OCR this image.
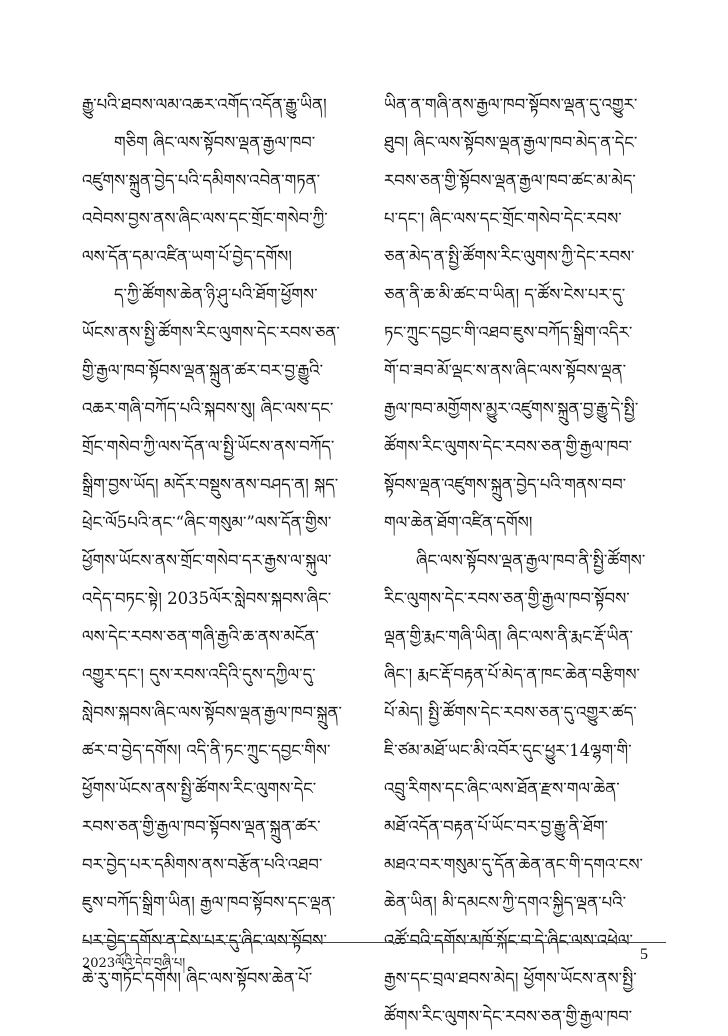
རྒྱུ་པའི་ཐབས་ལམ་འཆར་འགོད་འདོན་རྒྱུ་ཡིན།
གཅིག ཞིང་ལས་སྟོབས་ལྡན་རྒྱལ་ཁབ་
འཛུགས་སྐྲུན་བྱེད་པའི་དམིགས་འབེན་གཏན་
འབེབས་བྱས་ནས་ཞིང་ལས་དང་གྲོང་གསེབ་ཀྱི་
ལས་དོན་དམ་འཛིན་ཡག་པོ་བྱེད་དགོས།
ད་ཀྱི་ཚོགས་ཆེན་ཉི་ཤུ་པའི་ཐོག་ཕྱོགས་
ཡོངས་ནས་སྤྱི་ཚོགས་རིང་ལུགས་དེང་རབས་ཅན་
གྱི་རྒྱལ་ཁབ་སྟོབས་ལྡན་སྐྲུན་ཚར་བར་བྱ་རྒྱུའི་
འཆར་གཞི་བཀོད་པའི་སྐབས་སུ། ཞིང་ལས་དང་
གྲོང་གསེབ་ཀྱི་ལས་དོན་ལ་སྤྱི་ཡོངས་ནས་བཀོད་
སྒྲིག་བྱས་ཡོད། མདོར་བསྡུས་ནས་བཤད་ན། སྐད་
ཕྲེང་ལོ5པའི་ནང་“ཞིང་གསུམ་”ལས་དོན་གྱིས་
ཕྱོགས་ཡོངས་ནས་གྲོང་གསེབ་དར་རྒྱས་ལ་སྐུལ་
འདེད་བཏང་སྟེ། 2035ལོར་སླེབས་སྐབས་ཞིང་
ལས་དེང་རབས་ཅན་གཞི་རྒྱའི་ཆ་ནས་མངོན་
འགྱུར་དང་། དུས་རབས་འདིའི་དུས་དཀྱིལ་དུ་
སླེབས་སྐབས་ཞིང་ལས་སྟོབས་ལྡན་རྒྱལ་ཁབ་སྐྲུན་
ཚར་བ་བྱེད་དགོས། འདི་ནི་ཏང་ཀྲུང་དབྱང་གིས་
ཕྱོགས་ཡོངས་ནས་སྤྱི་ཚོགས་རིང་ལུགས་དེང་
རབས་ཅན་གྱི་རྒྱལ་ཁབ་སྟོབས་ལྡན་སྐྲུན་ཚར་
བར་བྱེད་པར་དམིགས་ནས་བརྩོན་པའི་འཐབ་
ཇུས་བཀོད་སྒྲིག་ཡིན། རྒྱལ་ཁབ་སྟོབས་དང་ལྡན་
པར་བྱེད་དགོས་ན་ངེས་པར་དུ་ཞིང་ལས་སྟོབས་
ཆེ་རུ་གཏོང་དགོས། ཞིང་ལས་སྟོབས་ཆེན་པོ་
ཡིན་ན་གཞི་ནས་རྒྱལ་ཁབ་སྟོབས་ལྡན་དུ་འགྱུར་
ཐུབ། ཞིང་ལས་སྟོབས་ལྡན་རྒྱལ་ཁབ་མེད་ན་དེང་
རབས་ཅན་གྱི་སྟོབས་ལྡན་རྒྱལ་ཁབ་ཚང་མ་མེད་
པ་དང་། ཞིང་ལས་དང་གྲོང་གསེབ་དེང་རབས་
ཅན་མེད་ན་སྤྱི་ཚོགས་རིང་ལུགས་ཀྱི་དེང་རབས་
ཅན་ནི་ཆ་མི་ཚང་བ་ཡིན། ད་ཚོས་ངེས་པར་དུ་
ཏང་ཀྲུང་དབྱང་གི་འཐབ་ཇུས་བཀོད་སྒྲིག་འདིར་
གོ་བ་ཟབ་མོ་ལྡང་ས་ནས་ཞིང་ལས་སྟོབས་ལྡན་
རྒྱལ་ཁབ་མགྱོགས་མྱུར་འཛུགས་སྐྲུན་བྱ་རྒྱུ་དེ་སྤྱི་
ཚོགས་རིང་ལུགས་དེང་རབས་ཅན་གྱི་རྒྱལ་ཁབ་
སྟོབས་ལྡན་འཛུགས་སྐྲུན་བྱེད་པའི་གནས་བབ་
གལ་ཆེན་ཐོག་འཛིན་དགོས།
ཞིང་ལས་སྟོབས་ལྡན་རྒྱལ་ཁབ་ནི་སྤྱི་ཚོགས་
རིང་ལུགས་དེང་རབས་ཅན་གྱི་རྒྱལ་ཁབ་སྟོབས་
ལྡན་གྱི་རྨང་གཞི་ཡིན། ཞིང་ལས་ནི་རྨང་རྡོ་ཡིན་
ཞིང་། རྨང་རྡོ་བརྟན་པོ་མེད་ན་ཁང་ཆེན་བརྩིགས་
པོ་མེད། སྤྱི་ཚོགས་དེང་རབས་ཅན་དུ་འགྱུར་ཚད་
ཇི་ཙམ་མཐོ་ཡང་མི་འབོར་དུང་ཕྱུར་14ལྷག་གི་
འབྲུ་རིགས་དང་ཞིང་ལས་ཐོན་རྫས་གལ་ཆེན་
མཐོ་འདོན་བརྟན་པོ་ཡོང་བར་བྱ་རྒྱུ་ནི་ཐོག་
མཐའ་བར་གསུམ་དུ་དོན་ཆེན་ནང་གི་དགའ་ངས་
ཆེན་ཡིན། མི་དམངས་ཀྱི་དགའ་སྐྱིད་ལྡན་པའི་
འཚོ་བའི་དགོས་མཁོ་སྐོང་བ་དེ་ཞིང་ལས་འཕེལ་
རྒྱས་དང་བྲལ་ཐབས་མེད། ཕྱོགས་ཡོངས་ནས་སྤྱི་
ཚོགས་རིང་ལུགས་དེང་རབས་ཅན་གྱི་རྒྱལ་ཁབ་
2023ལོའི་དེབ་བཞི་པ།
5
